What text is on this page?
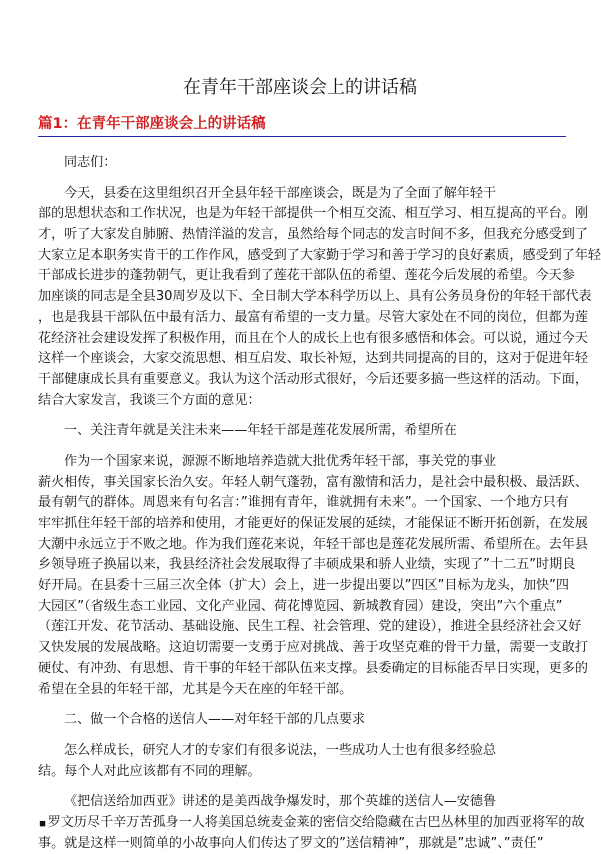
在青年干部座谈会上的讲话稿
篇1：在青年干部座谈会上的讲话稿
同志们：
今天，县委在这里组织召开全县年轻干部座谈会，既是为了全面了解年轻干
部的思想状态和工作状况，也是为年轻干部提供一个相互交流、相互学习、相互提高的平台。刚
才，听了大家发自肺腑、热情洋溢的发言，虽然给每个同志的发言时间不多，但我充分感受到了
大家立足本职务实肯干的工作作风，感受到了大家勤于学习和善于学习的良好素质，感受到了年轻
干部成长进步的蓬勃朝气，更让我看到了莲花干部队伍的希望、莲花今后发展的希望。今天参
加座谈的同志是全县30周岁及以下、全日制大学本科学历以上、具有公务员身份的年轻干部代表
，也是我县干部队伍中最有活力、最富有希望的一支力量。尽管大家处在不同的岗位，但都为莲
花经济社会建设发挥了积极作用，而且在个人的成长上也有很多感悟和体会。可以说，通过今天
这样一个座谈会，大家交流思想、相互启发、取长补短，达到共同提高的目的，这对于促进年轻
干部健康成长具有重要意义。我认为这个活动形式很好，今后还要多搞一些这样的活动。下面，
结合大家发言，我谈三个方面的意见：
一、关注青年就是关注未来——年轻干部是莲花发展所需，希望所在
作为一个国家来说，源源不断地培养造就大批优秀年轻干部，事关党的事业
薪火相传，事关国家长治久安。年轻人朝气蓬勃，富有激情和活力，是社会中最积极、最活跃、
最有朝气的群体。周恩来有句名言：”谁拥有青年，谁就拥有未来”。一个国家、一个地方只有
牢牢抓住年轻干部的培养和使用，才能更好的保证发展的延续，才能保证不断开拓创新，在发展
大潮中永远立于不败之地。作为我们莲花来说，年轻干部也是莲花发展所需、希望所在。去年县
乡领导班子换届以来，我县经济社会发展取得了丰硕成果和骄人业绩，实现了”十二五”时期良
好开局。在县委十三届三次全体（扩大）会上，进一步提出要以”四区”目标为龙头，加快”四
大园区”（省级生态工业园、文化产业园、荷花博览园、新城教育园）建设，突出”六个重点”
（莲江开发、花节活动、基础设施、民生工程、社会管理、党的建设），推进全县经济社会又好
又快发展的发展战略。这迫切需要一支勇于应对挑战、善于攻坚克难的骨干力量，需要一支敢打
硬仗、有冲劲、有思想、肯干事的年轻干部队伍来支撑。县委确定的目标能否早日实现，更多的
希望在全县的年轻干部，尤其是今天在座的年轻干部。
二、做一个合格的送信人——对年轻干部的几点要求
怎么样成长，研究人才的专家们有很多说法，一些成功人士也有很多经验总
结。每个人对此应该都有不同的理解。
《把信送给加西亚》讲述的是美西战争爆发时，那个英雄的送信人—安德鲁
◆罗文历尽千辛万苦孤身一人将美国总统麦金莱的密信交给隐藏在古巴丛林里的加西亚将军的故
事。就是这样一则简单的小故事向人们传达了罗文的”送信精神”，那就是”忠诚”、”责任”
